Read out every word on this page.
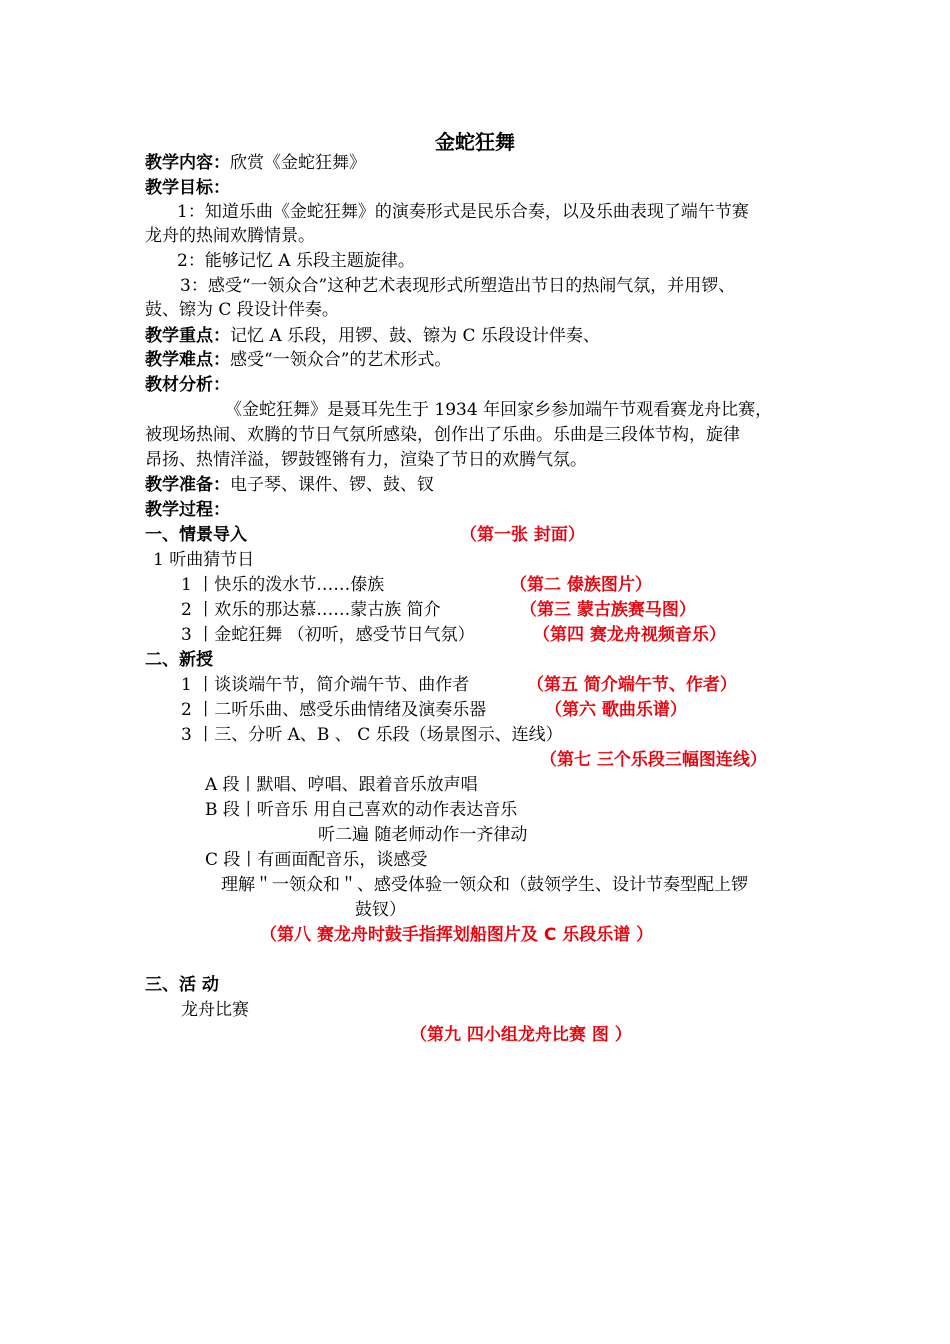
金蛇狂舞
教学内容：欣赏《金蛇狂舞》
教学目标：
1：知道乐曲《金蛇狂舞》的演奏形式是民乐合奏，以及乐曲表现了端午节赛
龙舟的热闹欢腾情景。
2：能够记忆 A 乐段主题旋律。
3：感受“一领众合”这种艺术表现形式所塑造出节日的热闹气氛，并用锣、
鼓、镲为 C 段设计伴奏。
教学重点：记忆 A 乐段，用锣、鼓、镲为 C 乐段设计伴奏、
教学难点：感受“一领众合”的艺术形式。
教材分析：
《金蛇狂舞》是聂耳先生于 1934 年回家乡参加端午节观看赛龙舟比赛，
被现场热闹、欢腾的节日气氛所感染，创作出了乐曲。乐曲是三段体节构，旋律
昂扬、热情洋溢，锣鼓铿锵有力，渲染了节日的欢腾气氛。
教学准备：电子琴、课件、锣、鼓、钗
教学过程：
一、情景导入	（第一张 封面）
1 听曲猜节日
1 丨快乐的泼水节……傣族	（第二 傣族图片）
2 丨欢乐的那达慕……蒙古族 简介	（第三 蒙古族赛马图）
3 丨金蛇狂舞 （初听，感受节日气氛）	（第四 赛龙舟视频音乐）
二、新授
1 丨谈谈端午节，简介端午节、曲作者	（第五 简介端午节、作者）
2 丨二听乐曲、感受乐曲情绪及演奏乐器	（第六 歌曲乐谱）
3 丨三、分听 A、B 、 C 乐段（场景图示、连线）
（第七 三个乐段三幅图连线）
A 段丨默唱、哼唱、跟着音乐放声唱
B 段丨听音乐 用自己喜欢的动作表达音乐
听二遍 随老师动作一齐律动
C 段丨有画面配音乐，谈感受
理解＂一领众和＂、感受体验一领众和（鼓领学生、设计节奏型配上锣
鼓钗）
（第八 赛龙舟时鼓手指挥划船图片及 C 乐段乐谱 ）
三、活 动
龙舟比赛
（第九 四小组龙舟比赛 图 ）
